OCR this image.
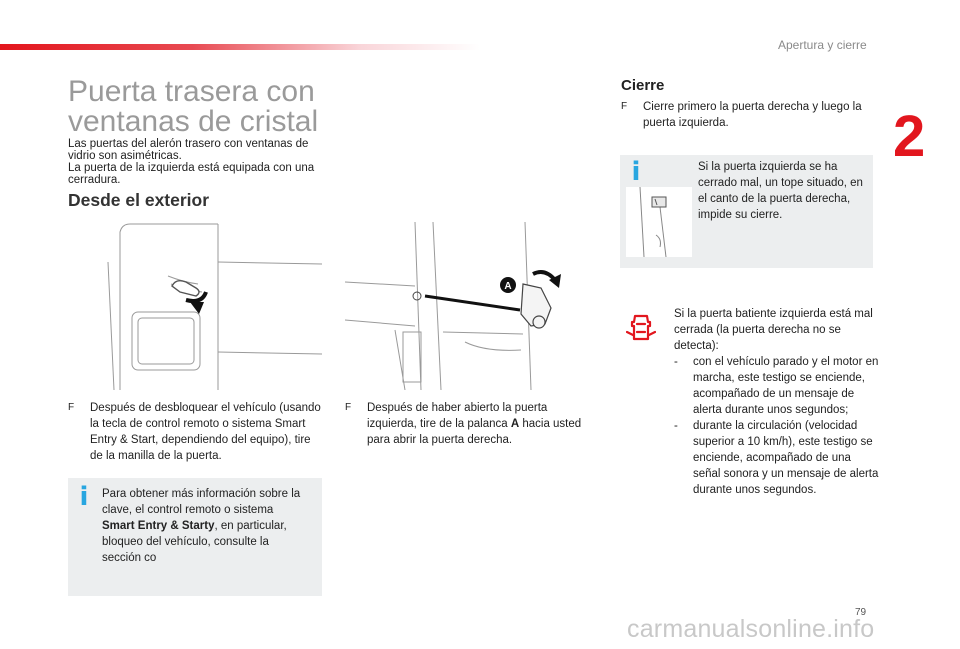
Apertura y cierre
2
Puerta trasera con ventanas de cristal

Las puertas del alerón trasero con ventanas de vidrio son asimétricas.

La puerta de la izquierda está equipada con una cerradura.

Desde el exterior
A
F	Después de desbloquear el vehículo (usando la tecla de control remoto o sistema Smart Entry & Start, dependiendo del equipo), tire de la manilla de la puerta.
F	Después de haber abierto la puerta izquierda, tire de la palanca A hacia usted para abrir la puerta derecha.
i Para obtener más información sobre la clave, el control remoto o sistema Smart Entry & Starty, en particular, bloqueo del vehículo, consulte la sección co
Cierre
F	Cierre primero la puerta derecha y luego la puerta izquierda.
i	Si la puerta izquierda se ha cerrado mal, un tope situado, en el canto de la puerta derecha, impide su cierre.
Si la puerta batiente izquierda está mal cerrada (la puerta derecha no se detecta):
- con el vehículo parado y el motor en marcha, este testigo se enciende, acompañado de un mensaje de alerta durante unos segundos;
- durante la circulación (velocidad superior a 10 km/h), este testigo se enciende, acompañado de una señal sonora y un mensaje de alerta durante unos segundos.
79
carmanualsonline.info
